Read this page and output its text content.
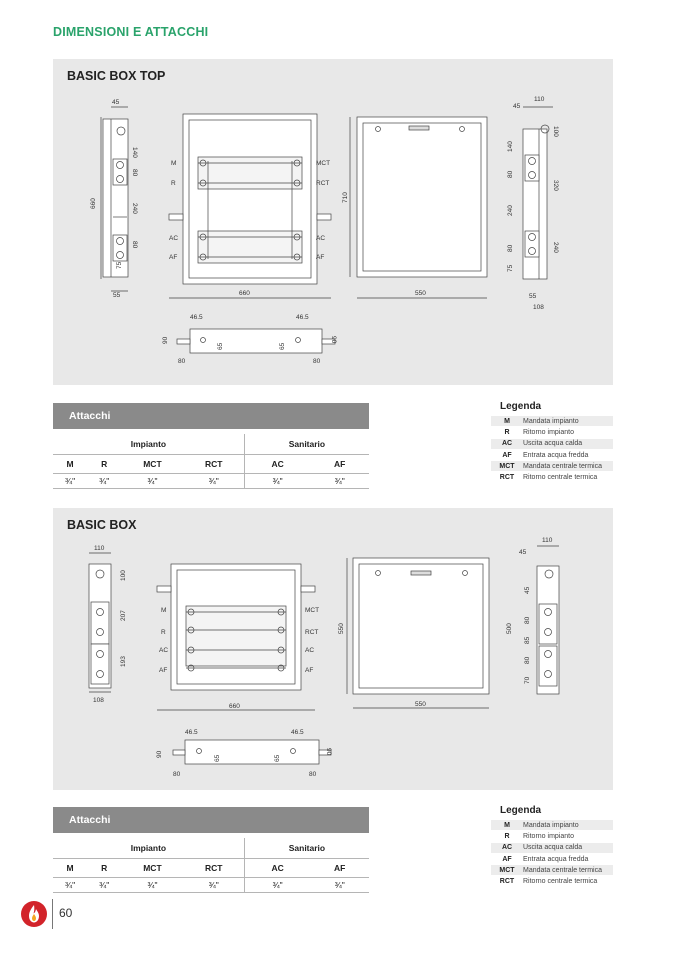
DIMENSIONI E ATTACCHI
BASIC BOX TOP
660
45
140
80
240
80
75
55
M
R
AC
AF
MCT
RCT
AC
AF
660
710
550
45
110
100
320
240
140
80
240
80
75
55
108
46.5	46.5
90	90
65	65
80	80
Attacchi					

Impianto				Sanitario	
M	R	MCT	RCT	AC	AF
¾"	¾"	¾"	¾"	¾"	¾"
Legenda
M	Mandata impianto
R	Ritorno impianto
AC	Uscita acqua calda
AF	Entrata acqua fredda
MCT	Mandata centrale termica
RCT	Ritorno centrale termica
BASIC BOX
110
100
207
193
108
M
R
AC
AF
MCT
RCT
AC
AF
660
550
550
110
45
45
500
80
85
80
70
46.5	46.5
90	90
65	65
80	80
Attacchi					

Impianto				Sanitario	
M	R	MCT	RCT	AC	AF
¾"	¾"	¾"	¾"	¾"	¾"
Legenda
M	Mandata impianto
R	Ritorno impianto
AC	Uscita acqua calda
AF	Entrata acqua fredda
MCT	Mandata centrale termica
RCT	Ritorno centrale termica
60
